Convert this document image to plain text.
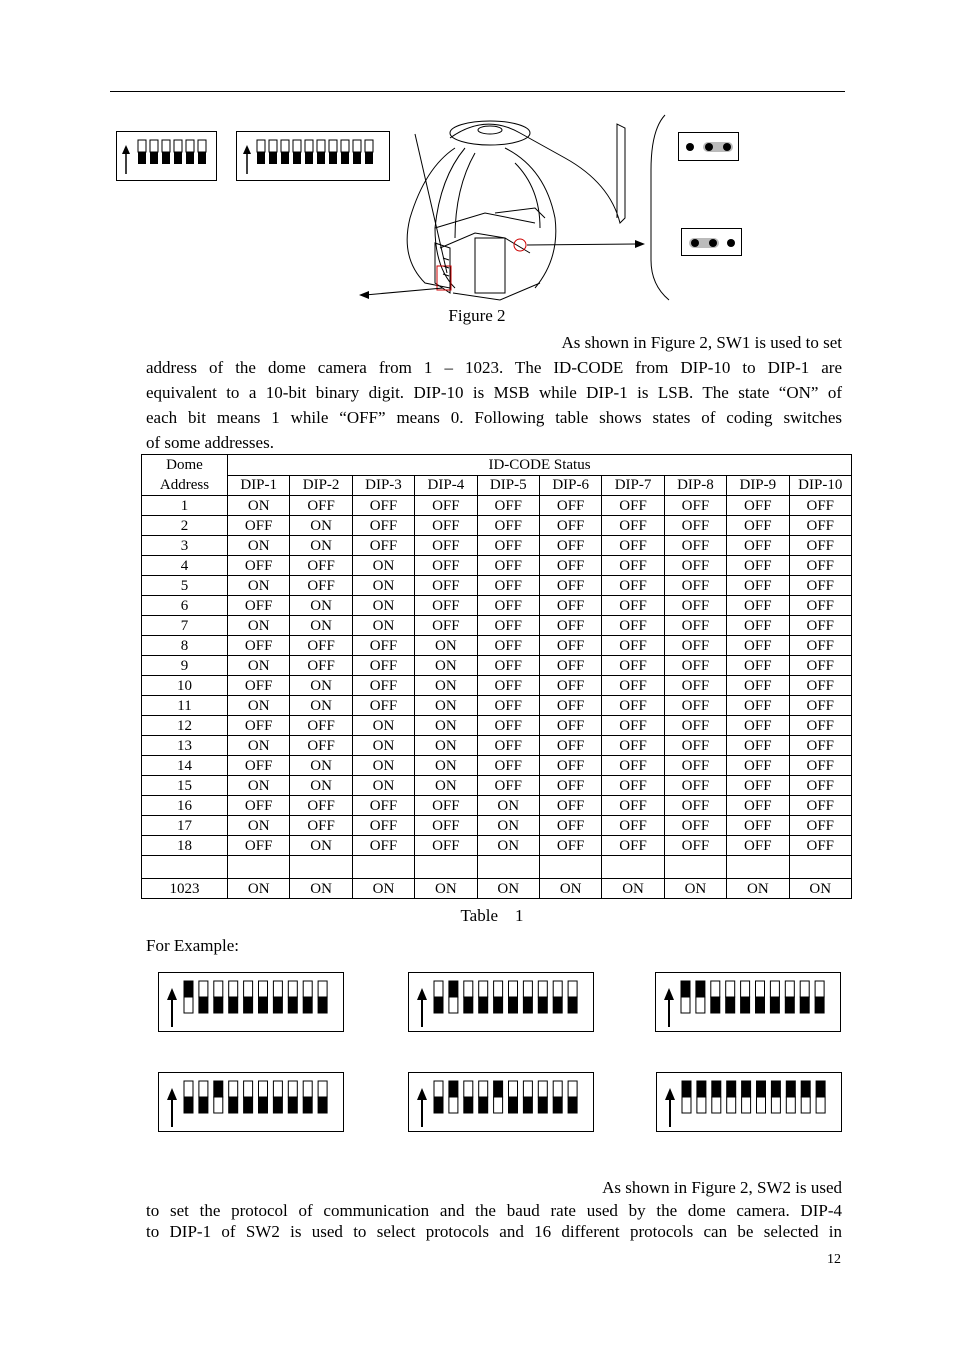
Figure 2
As shown in Figure 2, SW1 is used to set
address of the dome camera from 1 – 1023. The ID-CODE from DIP-10 to DIP-1 are
equivalent to a 10-bit binary digit. DIP-10 is MSB while DIP-1 is LSB. The state “ON” of
each bit means 1 while “OFF” means 0. Following table shows states of coding switches
of some addresses.
Dome
Address	ID-CODE Status									
	DIP-1	DIP-2	DIP-3	DIP-4	DIP-5	DIP-6	DIP-7	DIP-8	DIP-9	DIP-10
1	ON	OFF	OFF	OFF	OFF	OFF	OFF	OFF	OFF	OFF
2	OFF	ON	OFF	OFF	OFF	OFF	OFF	OFF	OFF	OFF
3	ON	ON	OFF	OFF	OFF	OFF	OFF	OFF	OFF	OFF
4	OFF	OFF	ON	OFF	OFF	OFF	OFF	OFF	OFF	OFF
5	ON	OFF	ON	OFF	OFF	OFF	OFF	OFF	OFF	OFF
6	OFF	ON	ON	OFF	OFF	OFF	OFF	OFF	OFF	OFF
7	ON	ON	ON	OFF	OFF	OFF	OFF	OFF	OFF	OFF
8	OFF	OFF	OFF	ON	OFF	OFF	OFF	OFF	OFF	OFF
9	ON	OFF	OFF	ON	OFF	OFF	OFF	OFF	OFF	OFF
10	OFF	ON	OFF	ON	OFF	OFF	OFF	OFF	OFF	OFF
11	ON	ON	OFF	ON	OFF	OFF	OFF	OFF	OFF	OFF
12	OFF	OFF	ON	ON	OFF	OFF	OFF	OFF	OFF	OFF
13	ON	OFF	ON	ON	OFF	OFF	OFF	OFF	OFF	OFF
14	OFF	ON	ON	ON	OFF	OFF	OFF	OFF	OFF	OFF
15	ON	ON	ON	ON	OFF	OFF	OFF	OFF	OFF	OFF
16	OFF	OFF	OFF	OFF	ON	OFF	OFF	OFF	OFF	OFF
17	ON	OFF	OFF	OFF	ON	OFF	OFF	OFF	OFF	OFF
18	OFF	ON	OFF	OFF	ON	OFF	OFF	OFF	OFF	OFF

1023	ON	ON	ON	ON	ON	ON	ON	ON	ON	ON
Table    1
For Example:
As shown in Figure 2, SW2 is used
to set the protocol of communication and the baud rate used by the dome camera. DIP-4
to DIP-1 of SW2 is used to select protocols and 16 different protocols can be selected in
12
